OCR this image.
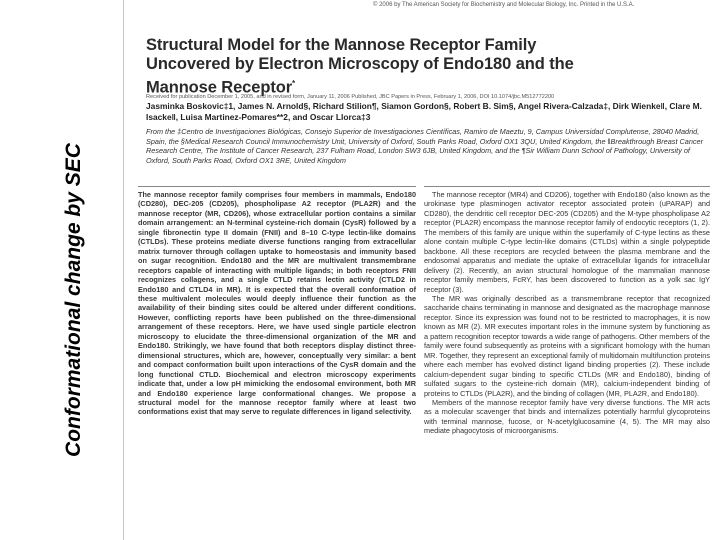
Conformational change by SEC
© 2006 by The American Society for Biochemistry and Molecular Biology, Inc. Printed in the U.S.A.
Structural Model for the Mannose Receptor Family Uncovered by Electron Microscopy of Endo180 and the Mannose Receptor*
Received for publication December 1, 2005, and in revised form, January 11, 2006 Published, JBC Papers in Press, February 1, 2006, DOI 10.1074/jbc.M512772200
Jasminka Boskovic‡1, James N. Arnold§, Richard Stilion¶, Siamon Gordon§, Robert B. Sim§, Angel Rivera-Calzada‡, Dirk Wienke‖, Clare M. Isacke‖, Luisa Martinez-Pomares**2, and Oscar Llorca‡3
From the ‡Centro de Investigaciones Biológicas, Consejo Superior de Investigaciones Científicas, Ramiro de Maeztu, 9, Campus Universidad Complutense, 28040 Madrid, Spain, the §Medical Research Council Immunochemistry Unit, University of Oxford, South Parks Road, Oxford OX1 3QU, United Kingdom, the ‖Breakthrough Breast Cancer Research Centre, The Institute of Cancer Research, 237 Fulham Road, London SW3 6JB, United Kingdom, and the ¶Sir William Dunn School of Pathology, University of Oxford, South Parks Road, Oxford OX1 3RE, United Kingdom

The mannose receptor family comprises four members in mammals, Endo180 (CD280), DEC-205 (CD205), phospholipase A2 receptor (PLA2R) and the mannose receptor (MR, CD206), whose extracellular portion contains a similar domain arrangement: an N-terminal cysteine-rich domain (CysR) followed by a single fibronectin type II domain (FNII) and 8–10 C-type lectin-like domains (CTLDs). These proteins mediate diverse functions ranging from extracellular matrix turnover through collagen uptake to homeostasis and immunity based on sugar recognition. Endo180 and the MR are multivalent transmembrane receptors capable of interacting with multiple ligands; in both receptors FNII recognizes collagens, and a single CTLD retains lectin activity (CTLD2 in Endo180 and CTLD4 in MR). It is expected that the overall conformation of these multivalent molecules would deeply influence their function as the availability of their binding sites could be altered under different conditions. However, conflicting reports have been published on the three-dimensional arrangement of these receptors. Here, we have used single particle electron microscopy to elucidate the three-dimensional organization of the MR and Endo180. Strikingly, we have found that both receptors display distinct three-dimensional structures, which are, however, conceptually very similar: a bent and compact conformation built upon interactions of the CysR domain and the long functional CTLD. Biochemical and electron microscopy experiments indicate that, under a low pH mimicking the endosomal environment, both MR and Endo180 experience large conformational changes. We propose a structural model for the mannose receptor family where at least two conformations exist that may serve to regulate differences in ligand selectivity.

The mannose receptor (MR4) and CD206), together with Endo180 (also known as the urokinase type plasminogen activator receptor associated protein (uPARAP) and CD280), the dendritic cell receptor DEC-205 (CD205) and the M-type phospholipase A2 receptor (PLA2R) encompass the mannose receptor family of endocytic receptors (1, 2). The members of this family are unique within the superfamily of C-type lectins as these alone contain multiple C-type lectin-like domains (CTLDs) within a single polypeptide backbone. All these receptors are recycled between the plasma membrane and the endosomal apparatus and mediate the uptake of extracellular ligands for intracellular delivery (2). Recently, an avian structural homologue of the mammalian mannose receptor family members, FcRY, has been discovered to function as a yolk sac IgY receptor (3).

The MR was originally described as a transmembrane receptor that recognized saccharide chains terminating in mannose and designated as the macrophage mannose receptor. Since its expression was found not to be restricted to macrophages, it is now known as MR (2). MR executes important roles in the immune system by functioning as a pattern recognition receptor towards a wide range of pathogens. Other members of the family were found subsequently as proteins with a significant homology with the human MR. Together, they represent an exceptional family of multidomain multifunction proteins where each member has evolved distinct ligand binding properties (2). These include calcium-dependent sugar binding to specific CTLDs (MR and Endo180), binding of sulfated sugars to the cysteine-rich domain (MR), calcium-independent binding of proteins to CTLDs (PLA2R), and the binding of collagen (MR, PLA2R, and Endo180).

Members of the mannose receptor family have very diverse functions. The MR acts as a molecular scavenger that binds and internalizes potentially harmful glycoproteins with terminal mannose, fucose, or N-acetylglucosamine (4, 5). The MR may also mediate phagocytosis of microorganisms.
